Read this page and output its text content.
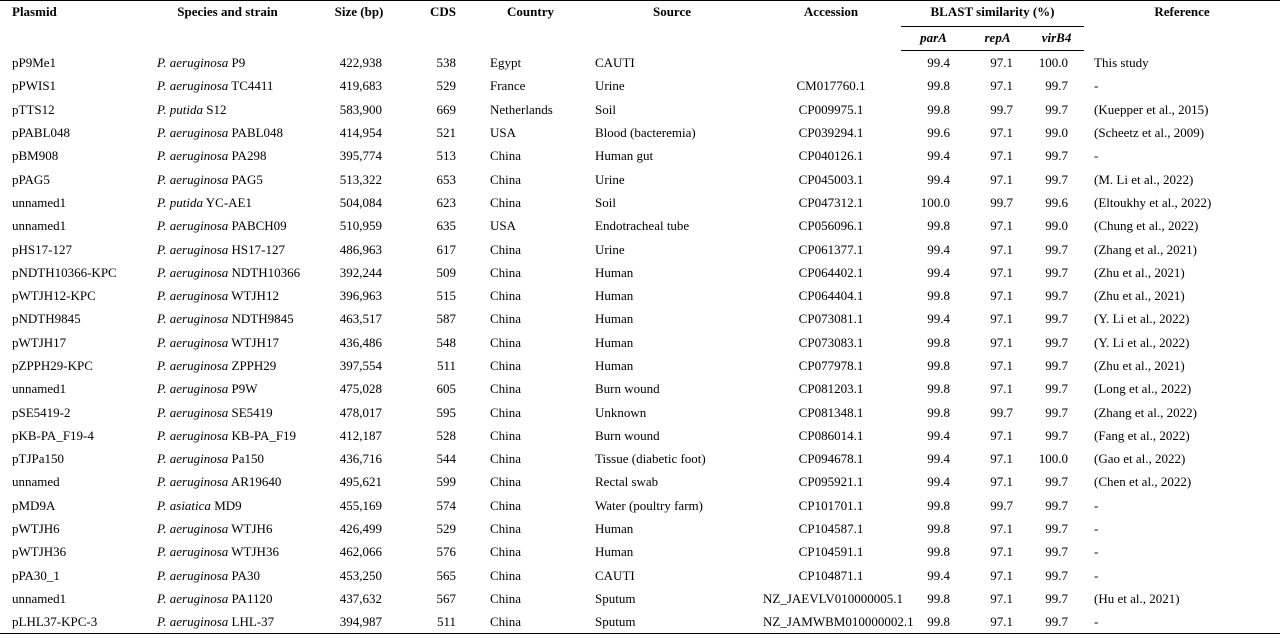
Plasmid	Species and strain	Size (bp)	CDS	Country	Source	Accession	BLAST similarity (%)			Reference
							parA	repA	virB4	
pP9Me1	P. aeruginosa P9	422,938	538	Egypt	CAUTI		99.4	97.1	100.0	This study
pPWIS1	P. aeruginosa TC4411	419,683	529	France	Urine	CM017760.1	99.8	97.1	99.7	-
pTTS12	P. putida S12	583,900	669	Netherlands	Soil	CP009975.1	99.8	99.7	99.7	(Kuepper et al., 2015)
pPABL048	P. aeruginosa PABL048	414,954	521	USA	Blood (bacteremia)	CP039294.1	99.6	97.1	99.0	(Scheetz et al., 2009)
pBM908	P. aeruginosa PA298	395,774	513	China	Human gut	CP040126.1	99.4	97.1	99.7	-
pPAG5	P. aeruginosa PAG5	513,322	653	China	Urine	CP045003.1	99.4	97.1	99.7	(M. Li et al., 2022)
unnamed1	P. putida YC-AE1	504,084	623	China	Soil	CP047312.1	100.0	99.7	99.6	(Eltoukhy et al., 2022)
unnamed1	P. aeruginosa PABCH09	510,959	635	USA	Endotracheal tube	CP056096.1	99.8	97.1	99.0	(Chung et al., 2022)
pHS17-127	P. aeruginosa HS17-127	486,963	617	China	Urine	CP061377.1	99.4	97.1	99.7	(Zhang et al., 2021)
pNDTH10366-KPC	P. aeruginosa NDTH10366	392,244	509	China	Human	CP064402.1	99.4	97.1	99.7	(Zhu et al., 2021)
pWTJH12-KPC	P. aeruginosa WTJH12	396,963	515	China	Human	CP064404.1	99.8	97.1	99.7	(Zhu et al., 2021)
pNDTH9845	P. aeruginosa NDTH9845	463,517	587	China	Human	CP073081.1	99.4	97.1	99.7	(Y. Li et al., 2022)
pWTJH17	P. aeruginosa WTJH17	436,486	548	China	Human	CP073083.1	99.8	97.1	99.7	(Y. Li et al., 2022)
pZPPH29-KPC	P. aeruginosa ZPPH29	397,554	511	China	Human	CP077978.1	99.8	97.1	99.7	(Zhu et al., 2021)
unnamed1	P. aeruginosa P9W	475,028	605	China	Burn wound	CP081203.1	99.8	97.1	99.7	(Long et al., 2022)
pSE5419-2	P. aeruginosa SE5419	478,017	595	China	Unknown	CP081348.1	99.8	99.7	99.7	(Zhang et al., 2022)
pKB-PA_F19-4	P. aeruginosa KB-PA_F19	412,187	528	China	Burn wound	CP086014.1	99.4	97.1	99.7	(Fang et al., 2022)
pTJPa150	P. aeruginosa Pa150	436,716	544	China	Tissue (diabetic foot)	CP094678.1	99.4	97.1	100.0	(Gao et al., 2022)
unnamed	P. aeruginosa AR19640	495,621	599	China	Rectal swab	CP095921.1	99.4	97.1	99.7	(Chen et al., 2022)
pMD9A	P. asiatica MD9	455,169	574	China	Water (poultry farm)	CP101701.1	99.8	99.7	99.7	-
pWTJH6	P. aeruginosa WTJH6	426,499	529	China	Human	CP104587.1	99.8	97.1	99.7	-
pWTJH36	P. aeruginosa WTJH36	462,066	576	China	Human	CP104591.1	99.8	97.1	99.7	-
pPA30_1	P. aeruginosa PA30	453,250	565	China	CAUTI	CP104871.1	99.4	97.1	99.7	-
unnamed1	P. aeruginosa PA1120	437,632	567	China	Sputum	NZ_JAEVLV010000005.1	99.8	97.1	99.7	(Hu et al., 2021)
pLHL37-KPC-3	P. aeruginosa LHL-37	394,987	511	China	Sputum	NZ_JAMWBM010000002.1	99.8	97.1	99.7	-
